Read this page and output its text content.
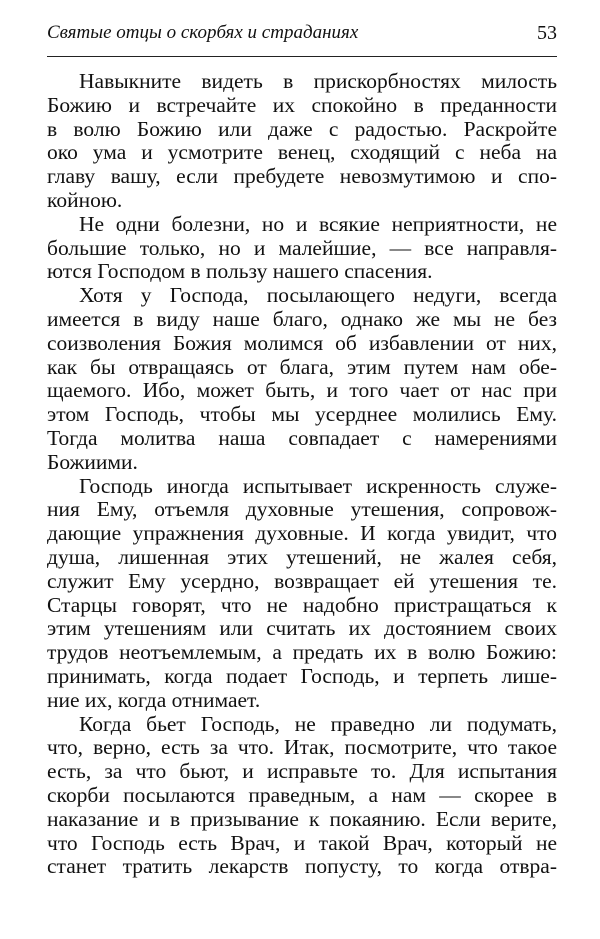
Святые отцы о скорбях и страданиях	53
Навыкните видеть в прискорбностях милость
Божию и встречайте их спокойно в преданности
в волю Божию или даже с радостью. Раскройте
око ума и усмотрите венец, сходящий с неба на
главу вашу, если пребудете невозмутимою и спо-
койною.
Не одни болезни, но и всякие неприятности, не
большие только, но и малейшие, — все направля-
ются Господом в пользу нашего спасения.
Хотя у Господа, посылающего недуги, всегда
имеется в виду наше благо, однако же мы не без
соизволения Божия молимся об избавлении от них,
как бы отвращаясь от блага, этим путем нам обе-
щаемого. Ибо, может быть, и того чает от нас при
этом Господь, чтобы мы усерднее молились Ему.
Тогда молитва наша совпадает с намерениями
Божиими.
Господь иногда испытывает искренность служе-
ния Ему, отъемля духовные утешения, сопровож-
дающие упражнения духовные. И когда увидит, что
душа, лишенная этих утешений, не жалея себя,
служит Ему усердно, возвращает ей утешения те.
Старцы говорят, что не надобно пристращаться к
этим утешениям или считать их достоянием своих
трудов неотъемлемым, а предать их в волю Божию:
принимать, когда подает Господь, и терпеть лише-
ние их, когда отнимает.
Когда бьет Господь, не праведно ли подумать,
что, верно, есть за что. Итак, посмотрите, что такое
есть, за что бьют, и исправьте то. Для испытания
скорби посылаются праведным, а нам — скорее в
наказание и в призывание к покаянию. Если верите,
что Господь есть Врач, и такой Врач, который не
станет тратить лекарств попусту, то когда отвра-
